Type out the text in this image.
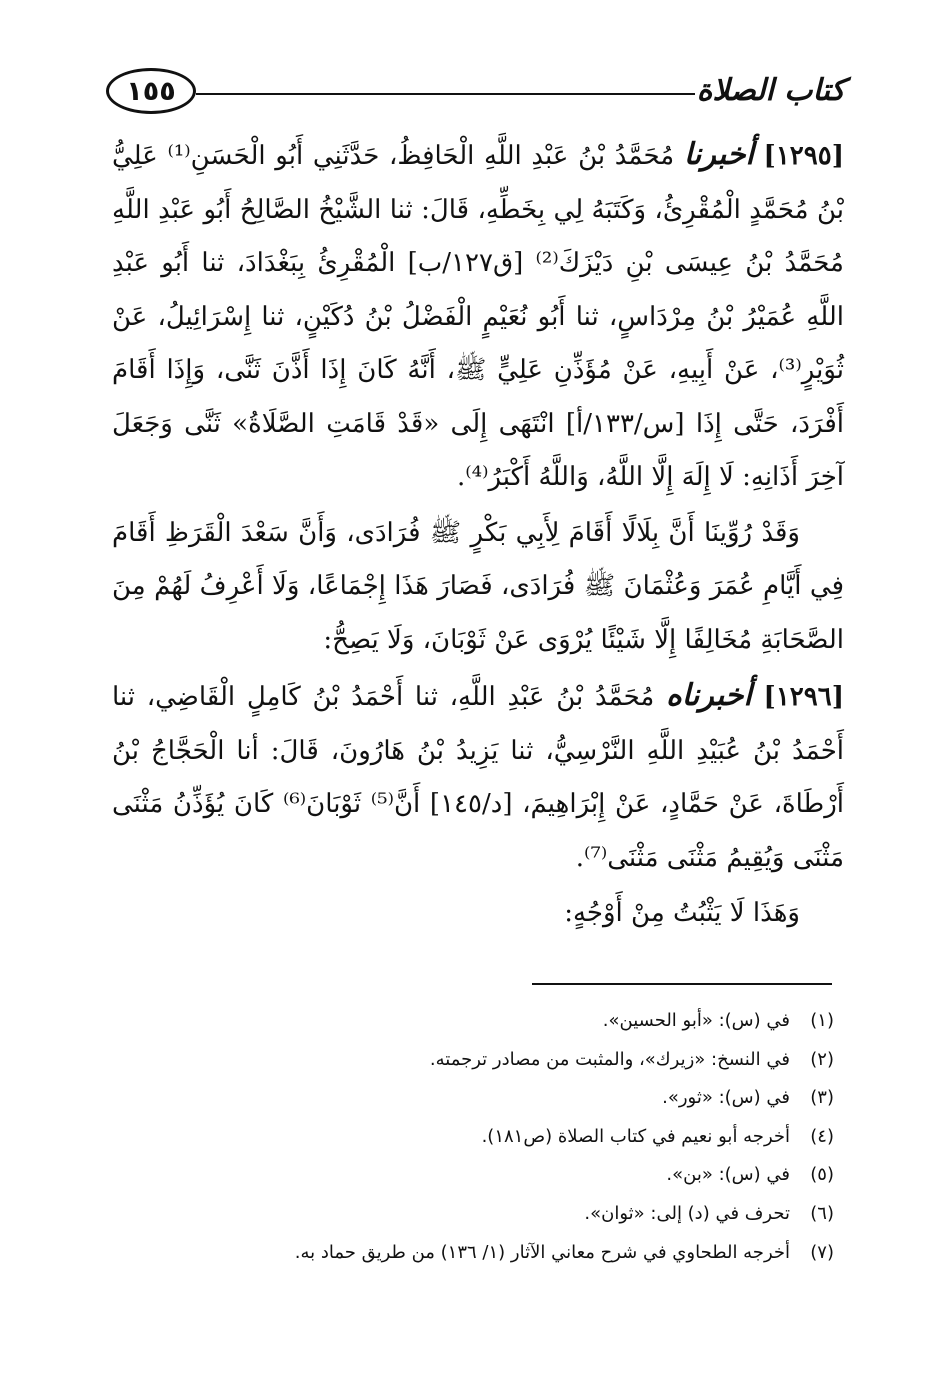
١٥٥	كتاب الصلاة

[١٢٩٥] أخبرنا مُحَمَّدُ بْنُ عَبْدِ اللَّهِ الْحَافِظُ، حَدَّثَنِي أَبُو الْحَسَنِ⁽¹⁾ عَلِيُّ بْنُ مُحَمَّدٍ الْمُقْرِئُ، وَكَتَبَهُ لِي بِخَطِّهِ، قَالَ: ثنا الشَّيْخُ الصَّالِحُ أَبُو عَبْدِ اللَّهِ مُحَمَّدُ بْنُ عِيسَى بْنِ دَيْزَكَ⁽²⁾ [ق١٢٧/ب] الْمُقْرِئُ بِبَغْدَادَ، ثنا أَبُو عَبْدِ اللَّهِ عُمَيْرُ بْنُ مِرْدَاسٍ، ثنا أَبُو نُعَيْمٍ الْفَضْلُ بْنُ دُكَيْنٍ، ثنا إِسْرَائِيلُ، عَنْ ثُوَيْرٍ⁽³⁾، عَنْ أَبِيهِ، عَنْ مُؤَذِّنِ عَلِيٍّ ﷺ، أَنَّهُ كَانَ إِذَا أَذَّنَ ثَنَّى، وَإِذَا أَقَامَ أَفْرَدَ، حَتَّى إِذَا [س/١٣٣/أ] انْتَهَى إِلَى «قَدْ قَامَتِ الصَّلَاةُ» ثَنَّى وَجَعَلَ آخِرَ أَذَانِهِ: لَا إِلَهَ إِلَّا اللَّهُ، وَاللَّهُ أَكْبَرُ⁽⁴⁾.

وَقَدْ رُوِّينَا أَنَّ بِلَالًا أَقَامَ لِأَبِي بَكْرٍ ﷺ فُرَادَى، وَأَنَّ سَعْدَ الْقَرَظِ أَقَامَ فِي أَيَّامِ عُمَرَ وَعُثْمَانَ ﷺ فُرَادَى، فَصَارَ هَذَا إِجْمَاعًا، وَلَا أَعْرِفُ لَهُمْ مِنَ الصَّحَابَةِ مُخَالِفًا إِلَّا شَيْئًا يُرْوَى عَنْ ثَوْبَانَ، وَلَا يَصِحُّ:

[١٢٩٦] أخبرناه مُحَمَّدُ بْنُ عَبْدِ اللَّهِ، ثنا أَحْمَدُ بْنُ كَامِلٍ الْقَاضِي، ثنا أَحْمَدُ بْنُ عُبَيْدِ اللَّهِ النَّرْسِيُّ، ثنا يَزِيدُ بْنُ هَارُونَ، قَالَ: أنا الْحَجَّاجُ بْنُ أَرْطَاةَ، عَنْ حَمَّادٍ، عَنْ إِبْرَاهِيمَ، [د/١٤٥] أَنَّ⁽⁵⁾ ثَوْبَانَ⁽⁶⁾ كَانَ يُؤَذِّنُ مَثْنَى مَثْنَى وَيُقِيمُ مَثْنَى مَثْنَى⁽⁷⁾.

وَهَذَا لَا يَثْبُتُ مِنْ أَوْجُهٍ:

(١)
في (س): «أبو الحسين».
(٢)
في النسخ: «زيرك»، والمثبت من مصادر ترجمته.
(٣)
في (س): «ثور».
(٤)
أخرجه أبو نعيم في كتاب الصلاة (ص١٨١).
(٥)
في (س): «بن».
(٦)
تحرف في (د) إلى: «ثوان».
(٧)
أخرجه الطحاوي في شرح معاني الآثار (١/ ١٣٦) من طريق حماد به.
